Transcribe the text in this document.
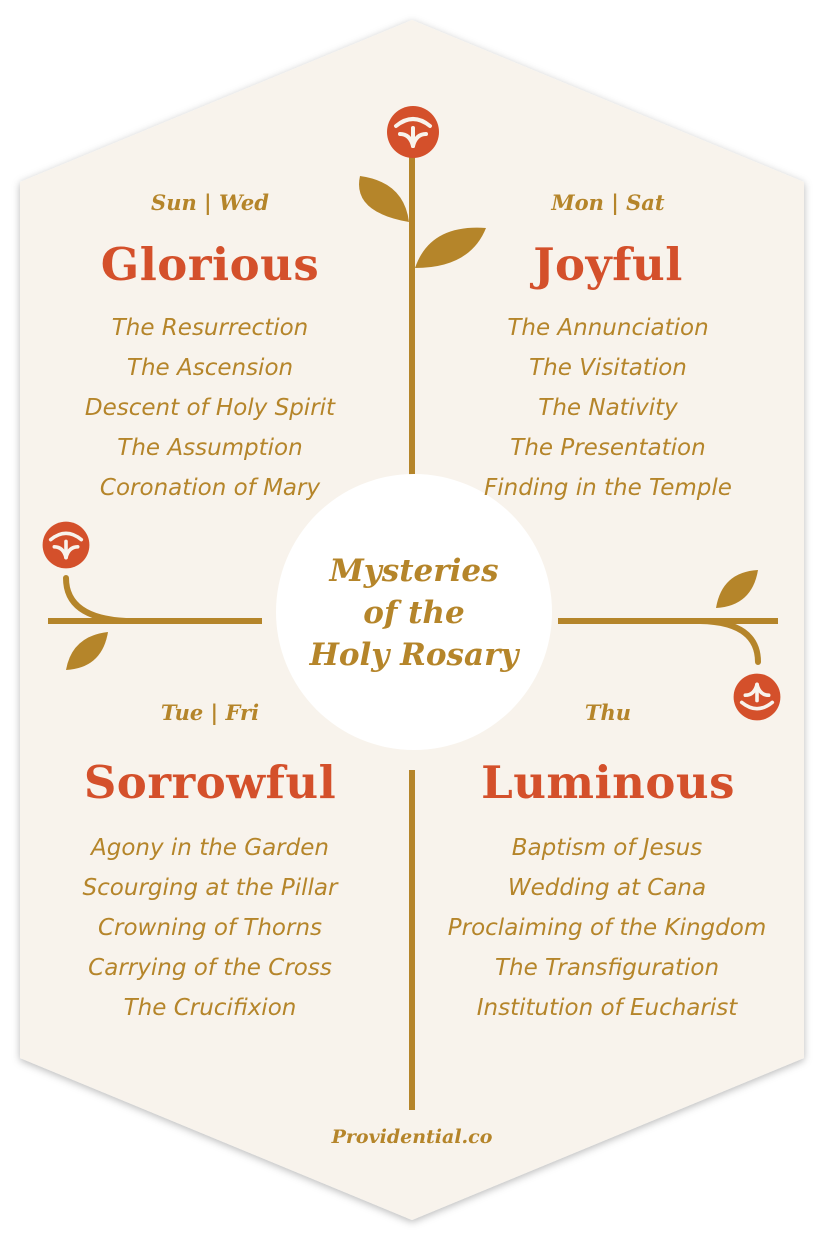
Sun | Wed
Glorious
The Resurrection
The Ascension
Descent of Holy Spirit
The Assumption
Coronation of Mary
Mon | Sat
Joyful
The Annunciation
The Visitation
The Nativity
The Presentation
Finding in the Temple
Mysteries
of the
Holy Rosary
Tue | Fri
Sorrowful
Agony in the Garden
Scourging at the Pillar
Crowning of Thorns
Carrying of the Cross
The Crucifixion
Thu
Luminous
Baptism of Jesus
Wedding at Cana
Proclaiming of the Kingdom
The Transfiguration
Institution of Eucharist
Providential.co
